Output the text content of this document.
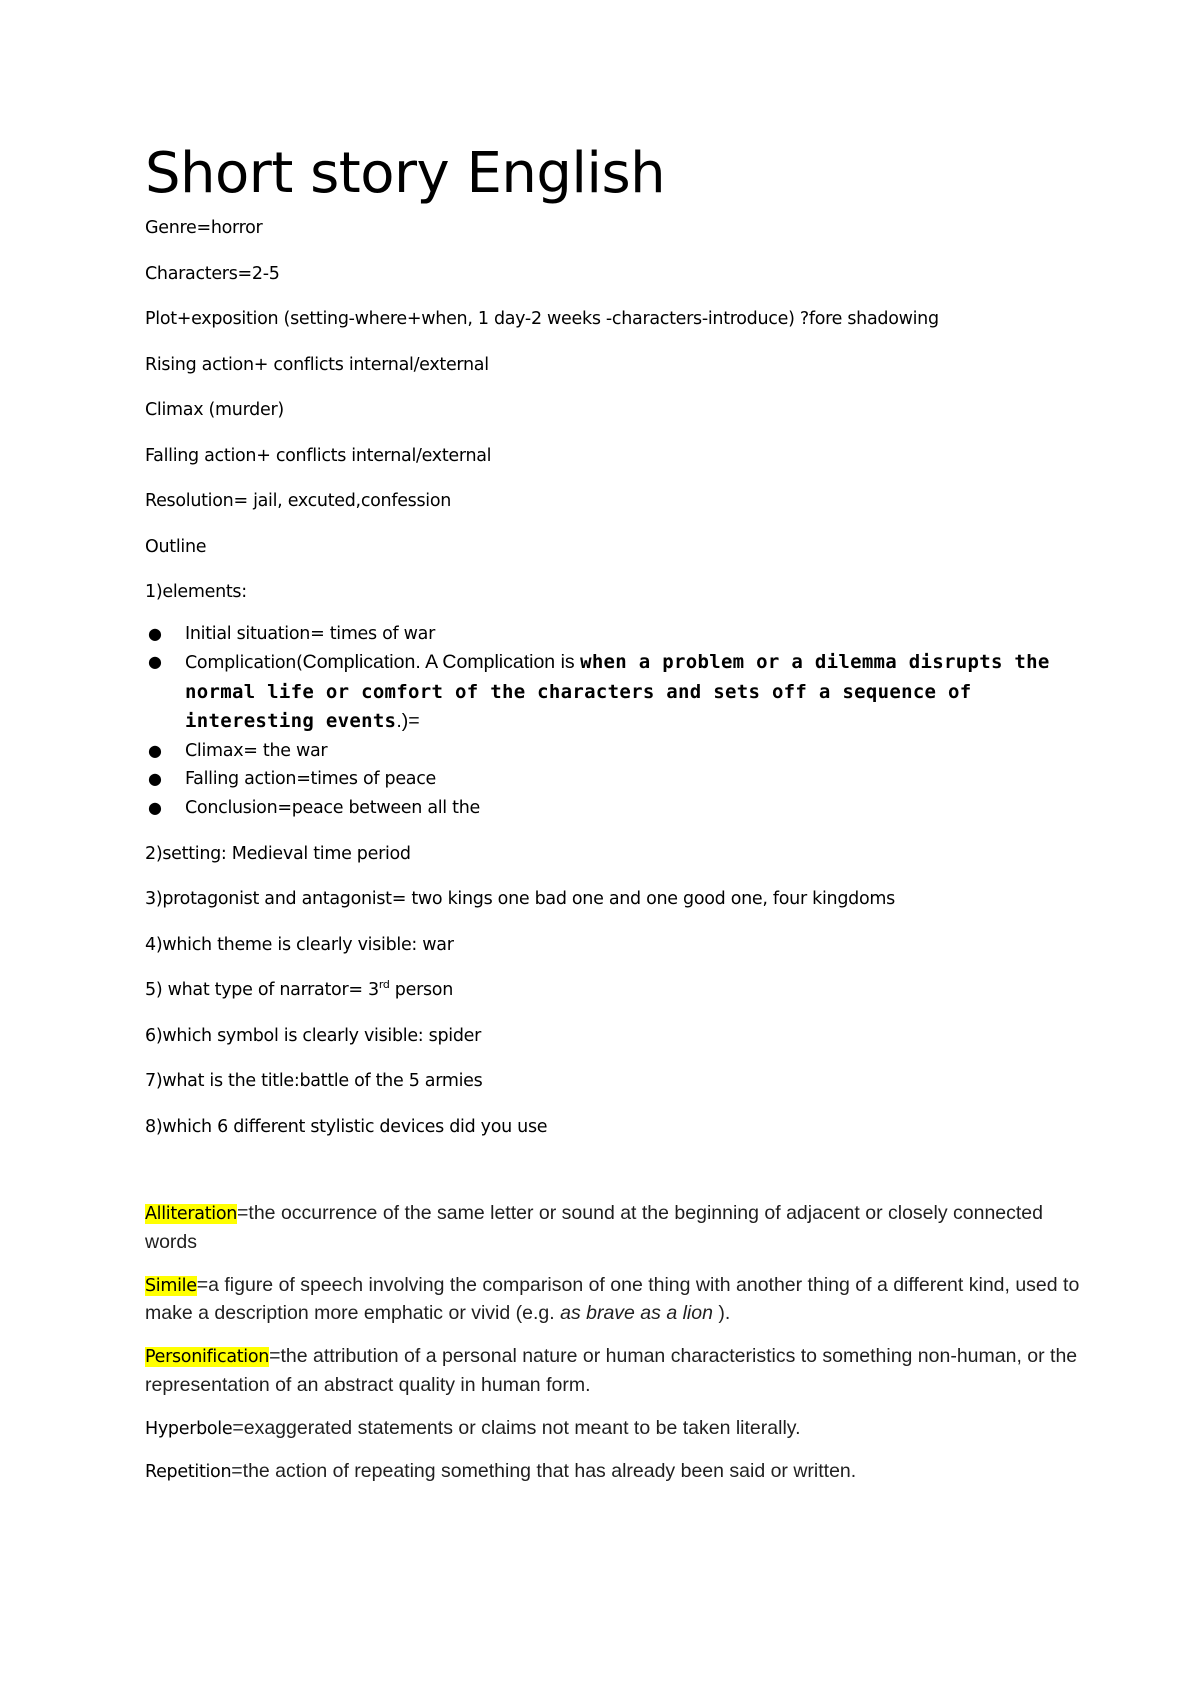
Short story English
Genre=horror
Characters=2-5
Plot+exposition (setting-where+when, 1 day-2 weeks -characters-introduce) ?fore shadowing
Rising action+ conflicts internal/external
Climax (murder)
Falling action+ conflicts internal/external
Resolution= jail, excuted,confession
Outline
1)elements:
● Initial situation= times of war
● Complication(Complication. A Complication is when a problem or a dilemma disrupts the normal life or comfort of the characters and sets off a sequence of interesting events.)=
● Climax= the war
● Falling action=times of peace
● Conclusion=peace between all the
2)setting: Medieval time period
3)protagonist and antagonist= two kings one bad one and one good one, four kingdoms
4)which theme is clearly visible: war
5) what type of narrator= 3rd person
6)which symbol is clearly visible: spider
7)what is the title:battle of the 5 armies
8)which 6 different stylistic devices did you use

Alliteration=the occurrence of the same letter or sound at the beginning of adjacent or closely connected words

Simile=a figure of speech involving the comparison of one thing with another thing of a different kind, used to make a description more emphatic or vivid (e.g. as brave as a lion ).

Personification=the attribution of a personal nature or human characteristics to something non-human, or the representation of an abstract quality in human form.

Hyperbole=exaggerated statements or claims not meant to be taken literally.

Repetition=the action of repeating something that has already been said or written.
